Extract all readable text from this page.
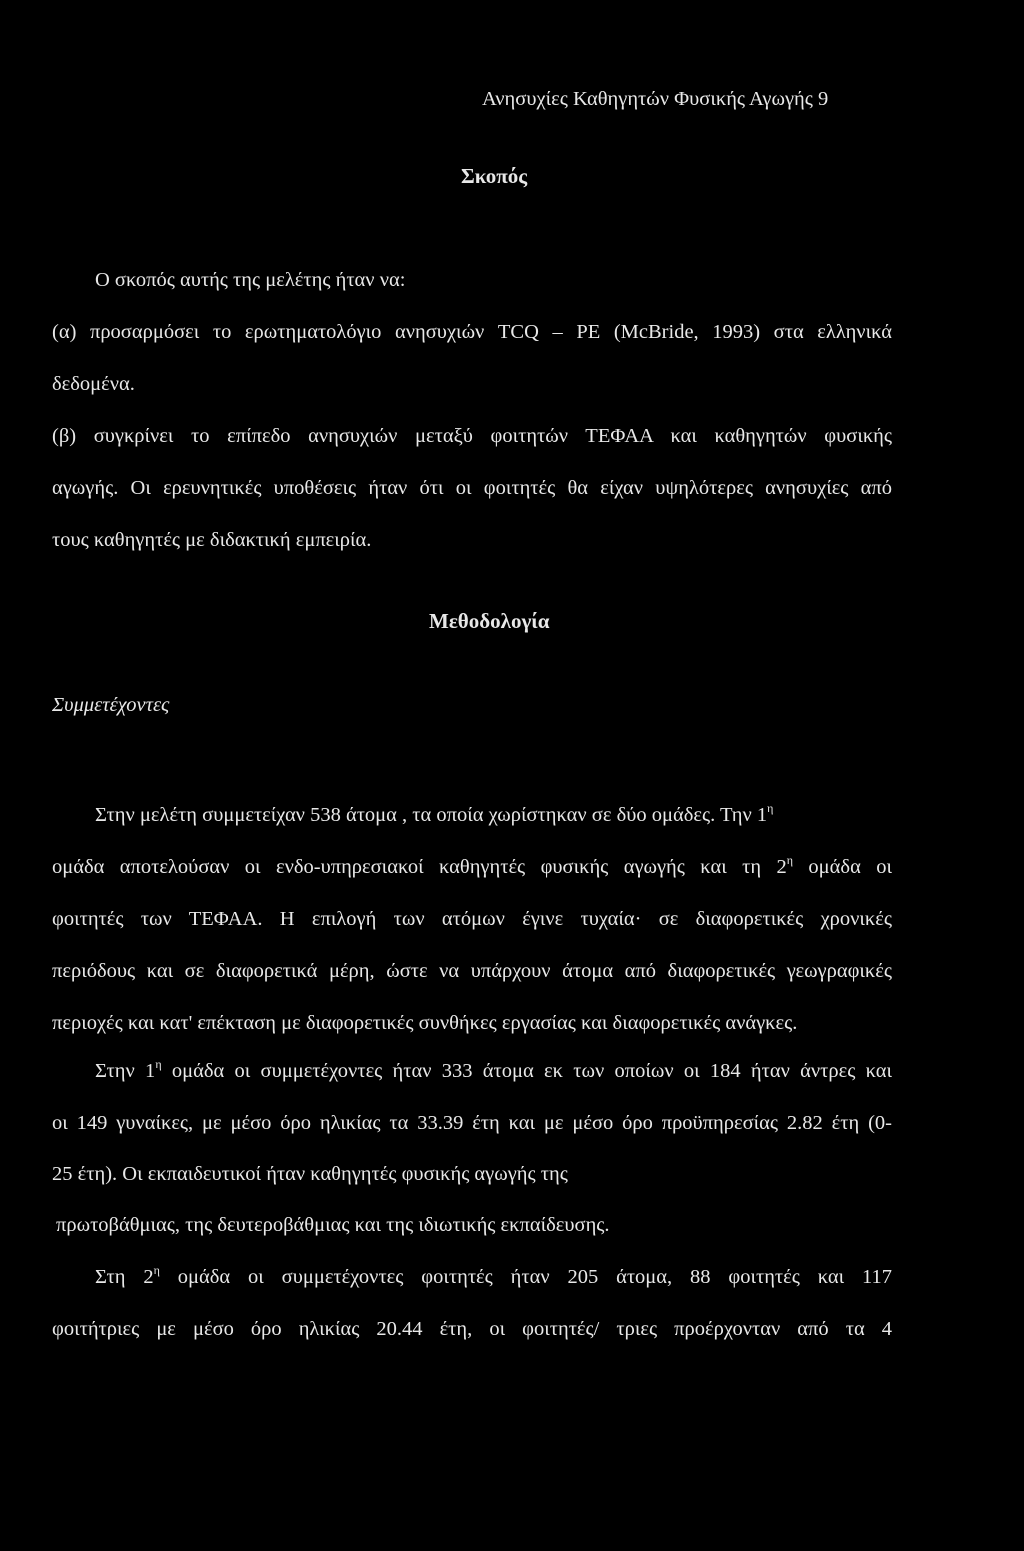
Ανησυχίες Καθηγητών Φυσικής Αγωγής 9
Σκοπός
Ο σκοπός αυτής της μελέτης ήταν να:
(α) προσαρμόσει το ερωτηματολόγιο ανησυχιών TCQ – PE (McBride, 1993) στα ελληνικά
δεδομένα.
(β) συγκρίνει το επίπεδο ανησυχιών μεταξύ φοιτητών ΤΕΦΑΑ και καθηγητών φυσικής
αγωγής. Οι ερευνητικές υποθέσεις ήταν ότι οι φοιτητές θα είχαν υψηλότερες ανησυχίες από
τους καθηγητές με διδακτική εμπειρία.
Μεθοδολογία
Συμμετέχοντες
Στην μελέτη συμμετείχαν 538 άτομα , τα οποία χωρίστηκαν σε δύο ομάδες. Την $1^\eta$
ομάδα αποτελούσαν οι ενδο-υπηρεσιακοί καθηγητές φυσικής αγωγής και τη $2^\eta$ ομάδα οι
φοιτητές των ΤΕΦΑΑ. Η επιλογή των ατόμων έγινε τυχαία· σε διαφορετικές χρονικές
περιόδους και σε διαφορετικά μέρη, ώστε να υπάρχουν άτομα από διαφορετικές γεωγραφικές
περιοχές και κατ' επέκταση με διαφορετικές συνθήκες εργασίας και διαφορετικές ανάγκες.
Στην $1^\eta$ ομάδα οι συμμετέχοντες ήταν 333 άτομα εκ των οποίων οι 184 ήταν άντρες και
οι 149 γυναίκες, με μέσο όρο ηλικίας τα 33.39 έτη και με μέσο όρο προϋπηρεσίας 2.82 έτη (0-
25 έτη). Οι εκπαιδευτικοί ήταν καθηγητές φυσικής αγωγής της
πρωτοβάθμιας, της δευτεροβάθμιας και της ιδιωτικής εκπαίδευσης.
Στη $2^\eta$ ομάδα οι συμμετέχοντες φοιτητές ήταν 205 άτομα, 88 φοιτητές και 117
φοιτήτριες με μέσο όρο ηλικίας 20.44 έτη, οι φοιτητές/ τριες προέρχονταν από τα 4
